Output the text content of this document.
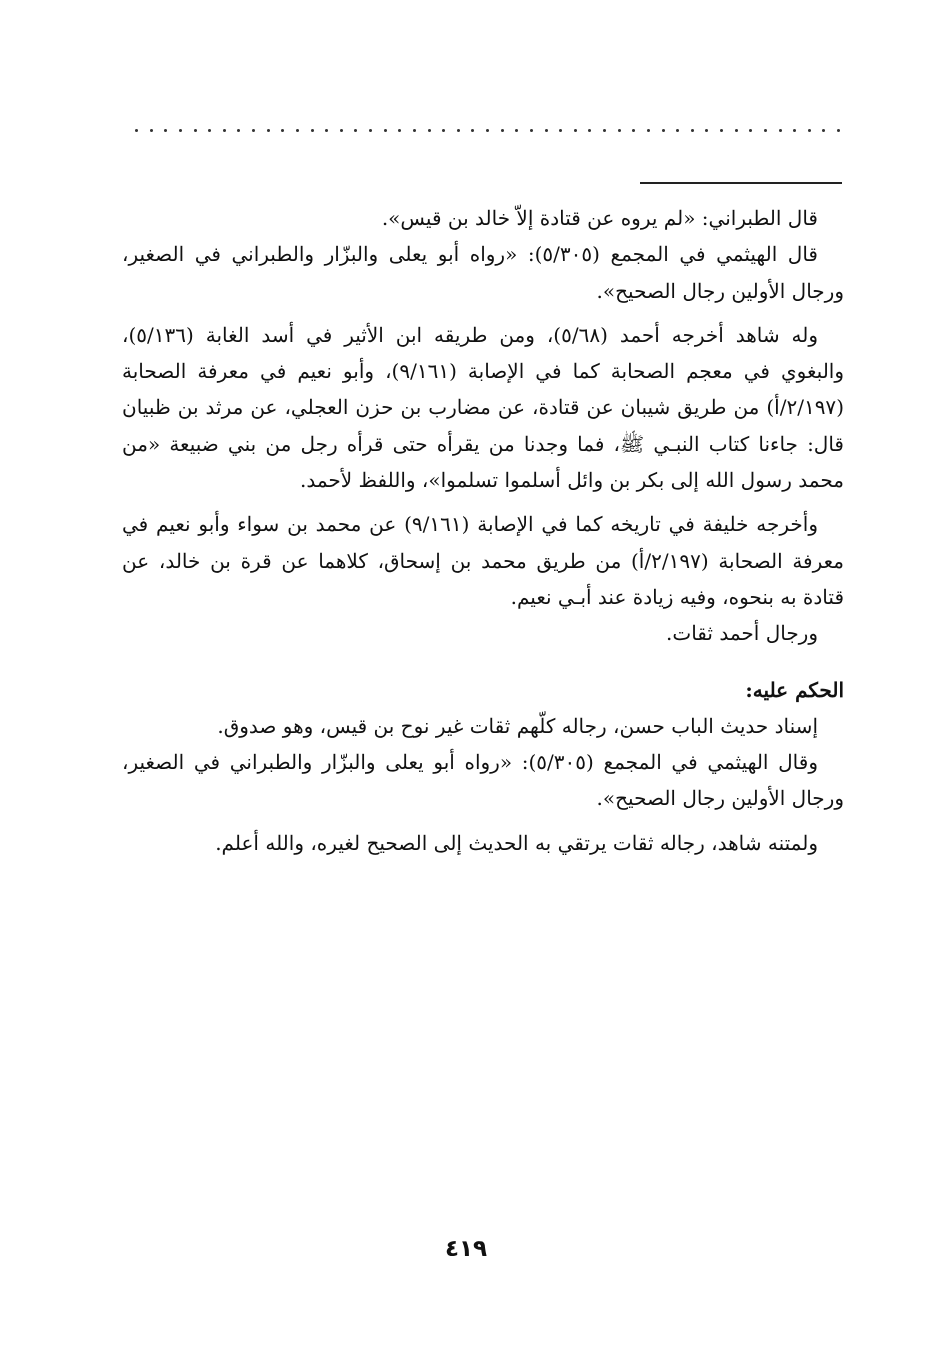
قال الطبراني: «لم يروه عن قتادة إلاّ خالد بن قيس».

قال الهيثمي في المجمع (٥/٣٠٥): «رواه أبو يعلى والبزّار والطبراني في الصغير، ورجال الأولين رجال الصحيح».

وله شاهد أخرجه أحمد (٥/٦٨)، ومن طريقه ابن الأثير في أسد الغابة (٥/١٣٦)، والبغوي في معجم الصحابة كما في الإصابة (٩/١٦١)، وأبو نعيم في معرفة الصحابة (٢/١٩٧/أ) من طريق شيبان عن قتادة، عن مضارب بن حزن العجلي، عن مرثد بن ظبيان قال: جاءنا كتاب النبـي ﷺ، فما وجدنا من يقرأه حتى قرأه رجل من بني ضبيعة «من محمد رسول الله إلى بكر بن وائل أسلموا تسلموا»، واللفظ لأحمد.

وأخرجه خليفة في تاريخه كما في الإصابة (٩/١٦١) عن محمد بن سواء وأبو نعيم في معرفة الصحابة (٢/١٩٧/أ) من طريق محمد بن إسحاق، كلاهما عن قرة بن خالد، عن قتادة به بنحوه، وفيه زيادة عند أبـي نعيم.

ورجال أحمد ثقات.

الحكم عليه:

إسناد حديث الباب حسن، رجاله كلّهم ثقات غير نوح بن قيس، وهو صدوق.

وقال الهيثمي في المجمع (٥/٣٠٥): «رواه أبو يعلى والبزّار والطبراني في الصغير، ورجال الأولين رجال الصحيح».

ولمتنه شاهد، رجاله ثقات يرتقي به الحديث إلى الصحيح لغيره، والله أعلم.

٤١٩
